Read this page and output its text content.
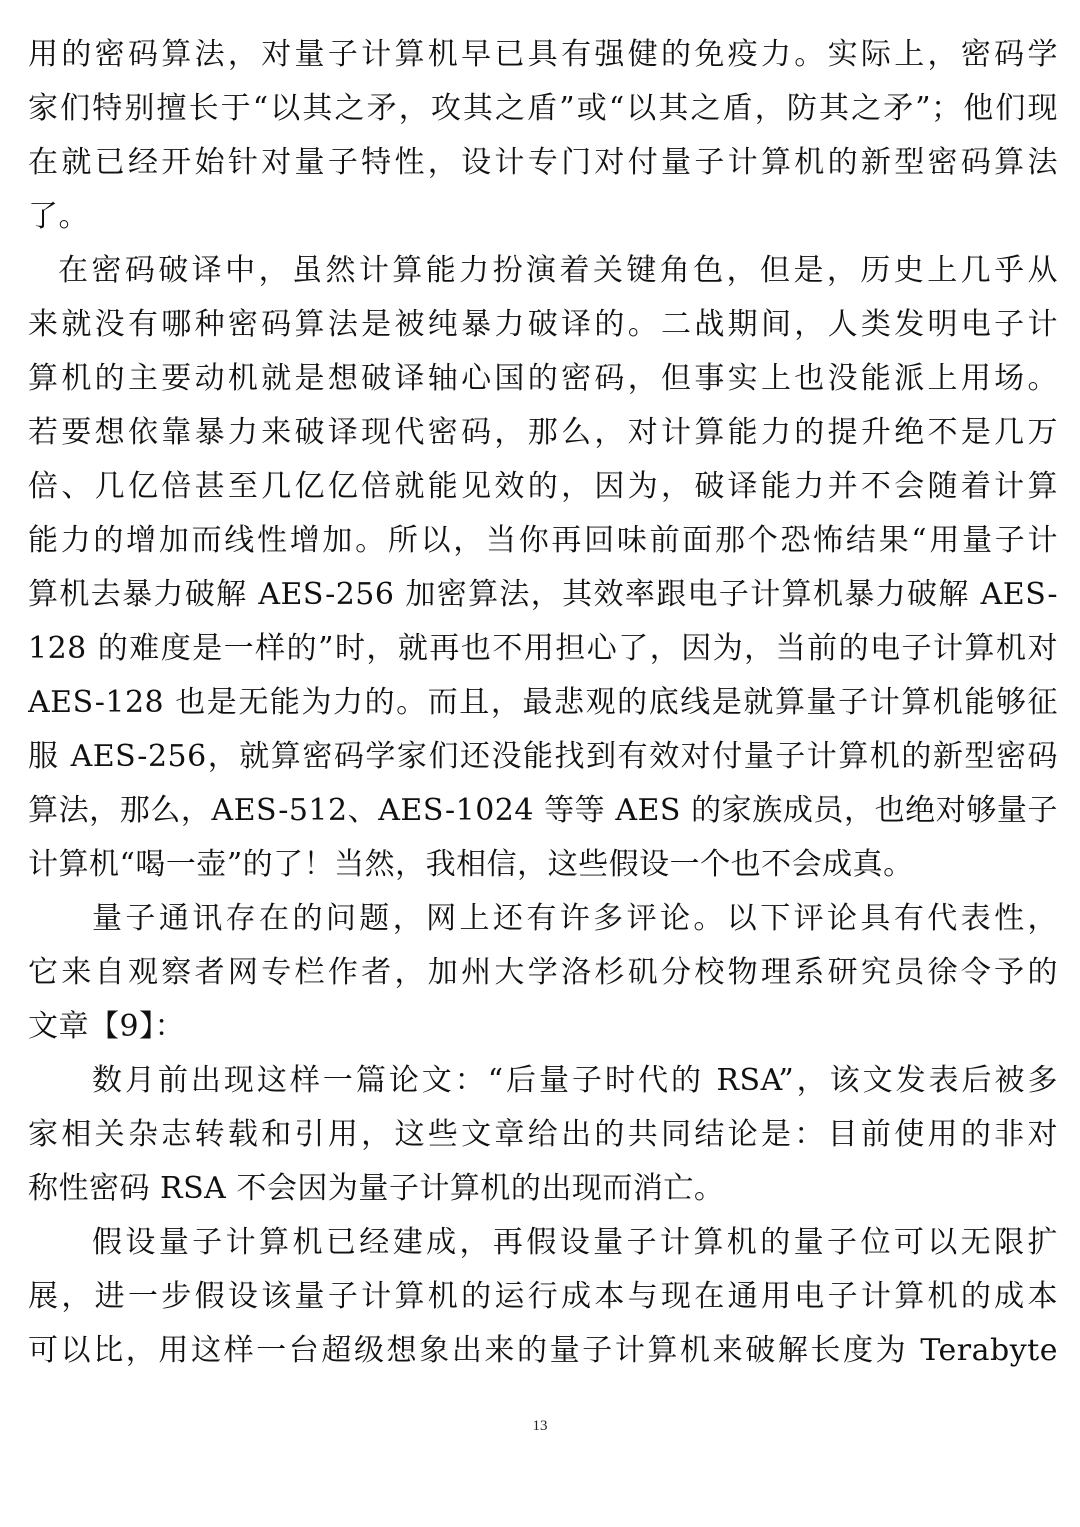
用的密码算法，对量子计算机早已具有强健的免疫力。实际上，密码学
家们特别擅长于“以其之矛，攻其之盾”或“以其之盾，防其之矛”；他们现
在就已经开始针对量子特性，设计专门对付量子计算机的新型密码算法
了。
在密码破译中，虽然计算能力扮演着关键角色，但是，历史上几乎从
来就没有哪种密码算法是被纯暴力破译的。二战期间，人类发明电子计
算机的主要动机就是想破译轴心国的密码，但事实上也没能派上用场。
若要想依靠暴力来破译现代密码，那么，对计算能力的提升绝不是几万
倍、几亿倍甚至几亿亿倍就能见效的，因为，破译能力并不会随着计算
能力的增加而线性增加。所以，当你再回味前面那个恐怖结果“用量子计
算机去暴力破解 AES-256 加密算法，其效率跟电子计算机暴力破解 AES-
128 的难度是一样的”时，就再也不用担心了，因为，当前的电子计算机对
AES-128 也是无能为力的。而且，最悲观的底线是就算量子计算机能够征
服 AES-256，就算密码学家们还没能找到有效对付量子计算机的新型密码
算法，那么，AES-512、AES-1024 等等 AES 的家族成员，也绝对够量子
计算机“喝一壶”的了！当然，我相信，这些假设一个也不会成真。
量子通讯存在的问题，网上还有许多评论。以下评论具有代表性，
它来自观察者网专栏作者，加州大学洛杉矶分校物理系研究员徐令予的
文章【9】：
数月前出现这样一篇论文：“后量子时代的 RSA”，该文发表后被多
家相关杂志转载和引用，这些文章给出的共同结论是：目前使用的非对
称性密码 RSA 不会因为量子计算机的出现而消亡。
假设量子计算机已经建成，再假设量子计算机的量子位可以无限扩
展，进一步假设该量子计算机的运行成本与现在通用电子计算机的成本
可以比，用这样一台超级想象出来的量子计算机来破解长度为 Terabyte
13
